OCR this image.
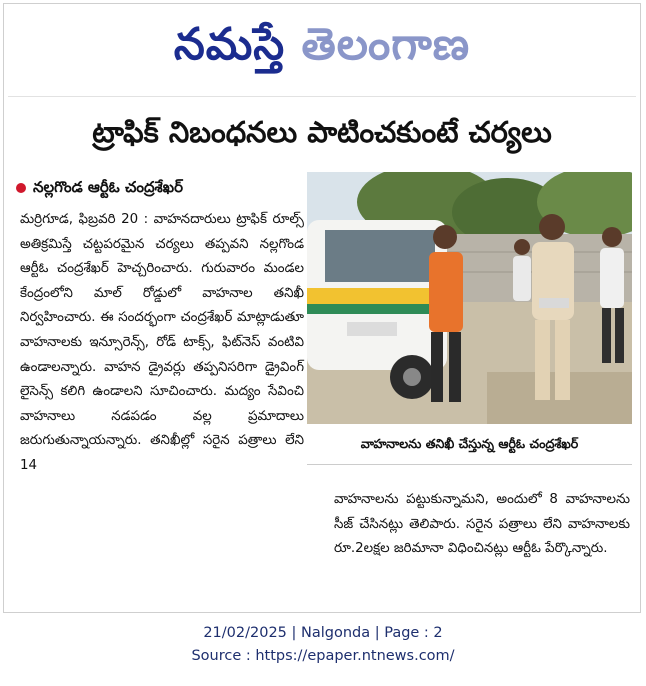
నమస్తే తెలంగాణ
ట్రాఫిక్ నిబంధనలు పాటించకుంటే చర్యలు
నల్లగొండ ఆర్టీఓ చంద్రశేఖర్

మర్రిగూడ, ఫిబ్రవరి 20 : వాహనదారులు ట్రాఫిక్ రూల్స్ అతిక్రమిస్తే చట్టపరమైన చర్యలు తప్పవని నల్లగొండ ఆర్టీఓ చంద్రశేఖర్ హెచ్చరించారు. గురువారం మండల కేంద్రంలోని మాల్ రోడ్డులో వాహనాల తనిఖీ నిర్వహించారు. ఈ సందర్భంగా చంద్రశేఖర్ మాట్లాడుతూ వాహనాలకు ఇన్సూరెన్స్, రోడ్ టాక్స్, ఫిట్‌నెస్ వంటివి ఉండాలన్నారు. వాహన డ్రైవర్లు తప్పనిసరిగా డ్రైవింగ్ లైసెన్స్ కలిగి ఉండాలని సూచించారు. మద్యం సేవించి వాహనాలు నడపడం వల్ల ప్రమాదాలు జరుగుతున్నాయన్నారు. తనిఖీల్లో సరైన పత్రాలు లేని 14

వాహనాలను తనిఖీ చేస్తున్న ఆర్టీఓ చంద్రశేఖర్

వాహనాలను పట్టుకున్నామని, అందులో 8 వాహనాలను సీజ్ చేసినట్లు తెలిపారు. సరైన పత్రాలు లేని వాహనాలకు రూ.2లక్షల జరిమానా విధించినట్లు ఆర్టీఓ పేర్కొన్నారు.

21/02/2025 | Nalgonda | Page : 2
Source : https://epaper.ntnews.com/
